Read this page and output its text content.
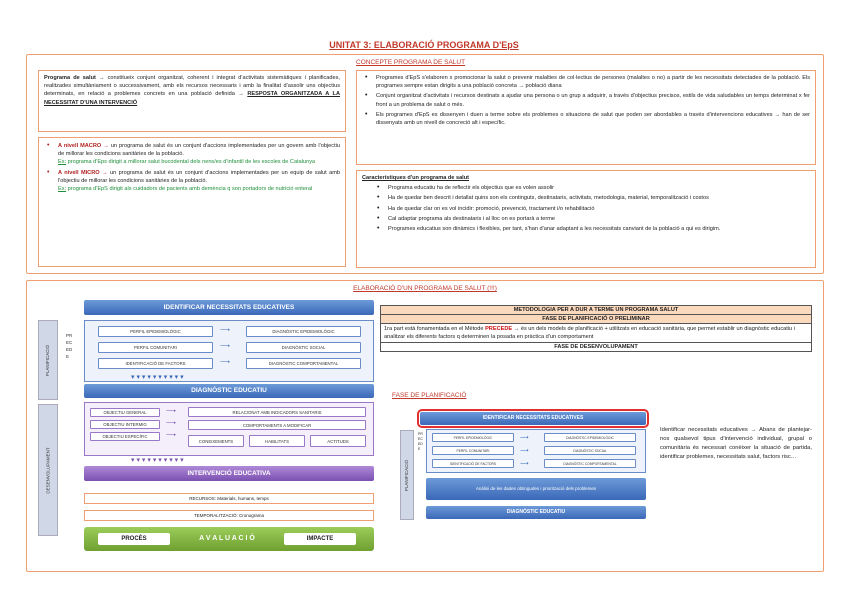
UNITAT 3: ELABORACIÓ PROGRAMA D'EpS
Programa de salut → constitueix conjunt organitzat, coherent i integrat d'activitats sistemàtiques i planificades, realitzades simultàniament o successivament, amb els recursos necessaris i amb la finalitat d'assolir uns objectius determinats, en relació a problemes concrets en una població definida → RESPOSTA ORGANITZADA A LA NECESSITAT D'UNA INTERVENCIÓ
• A nivell MACRO → un programa de salut és un conjunt d'accions implementades per un govern amb l'objectiu de millorar les condicions sanitàries de la població.
Ex: programa d'Eps dirigit a millorar salut bucodental dels nens/es d'infantil de les escoles de Catalunya
• A nivell MICRO → un programa de salut és un conjunt d'accions implementades per un equip de salut amb l'objectiu de millorar les condicions sanitàries de la població.
Ex: programa d'EpS dirigit als cuidadors de pacients amb demència q son portadors de nutrició enteral
CONCEPTE PROGRAMA DE SALUT
• Programes d'EpS s'elaboren x promocionar la salut o prevenir malalties de col·lectius de persones (malaltes o no) a partir de les necessitats detectades de la població. Els programes sempre estan dirigits a una població concreta → població diana
• Conjunt organitzat d'activitats i recursos destinats a ajudar una persona o un grup a adquirir, a través d'objectius precisos, estils de vida saludables un temps determinat x fer front a un problema de salut o més.
• Els programes d'EpS es dissenyen i duen a terme sobre els problemes o situacions de salut que poden ser abordables a través d'intervencions educatives → han de ser dissenyats amb un nivell de concreció alt i específic.
Característiques d'un programa de salut
• Programa educatiu ha de reflectir els objectius que es volen assolir
• Ha de quedar ben descrit i detallat quins son els continguts, destinataris, activitats, metodologia, material, temporalització i costos
• Ha de quedar clar on es vol incidir: promoció, prevenció, tractament i/o rehabilitació
• Cal adaptar programa als destinataris i al lloc on es portarà a terme
• Programes educatius son dinàmics i flexibles, per tant, s'han d'anar adaptant a les necessitats canviant de la població a qui es dirigim.
ELABORACIÓ D'UN PROGRAMA DE SALUT (!!!)
IDENTIFICAR NECESSITATS EDUCATIVES
PLANIFICACIÓ
DESENVOLUPAMENT
PRECEDE
PERFIL EPIDEMIOLÒGIC
PERFIL COMUNITARI
IDENTIFICACIÓ DE FACTORS
⟶
⟶
⟶
DIAGNÒSTIC EPIDEMIOLÒGIC
DIAGNÒSTIC SOCIAL
DIAGNÒSTIC COMPORTAMENTAL
▾ ▾ ▾ ▾ ▾ ▾ ▾ ▾ ▾ ▾
DIAGNÒSTIC EDUCATIU
OBJECTIU GENERAL
OBJECTIU INTERMIG
OBJECTIU ESPECÍFIC
⟶
⟶
⟶
RELACIONAT AMB INDICADORS SANITARIS
COMPORTAMENTS A MODIFICAR
CONEIXEMENTS	HABILITATS	ACTITUDS
▾ ▾ ▾ ▾ ▾ ▾ ▾ ▾ ▾ ▾
INTERVENCIÓ EDUCATIVA
RECURSOS: Materials, humans, temps
TEMPORALITZACIÓ: Cronograma
PROCÈS	A V A L U A C I Ó	IMPACTE
METODOLOGIA PER A DUR A TERME UN PROGRAMA SALUT
FASE DE PLANIFICACIÓ O PRELIMINAR
1ra part està fonamentada en el Mètode PRECEDE → és un dels models de planificació + utilitzats en educació sanitària, que permet establir un diagnòstic educatiu i analitzar els diferents factors q determinen la posada en pràctica d'un comportament
FASE DE DESENVOLUPAMENT
FASE DE PLANIFICACIÓ
IDENTIFICAR NECESSITATS EDUCATIVES
PLANIFICACIÓ
PRECEDE
PERFIL EPIDEMIOLÒGIC
PERFIL COMUNITARI
IDENTIFICACIÓ DE FACTORS
⟶
⟶
⟶
DIAGNÒSTIC EPIDEMIOLÒGIC
DIAGNÒSTIC SOCIAL
DIAGNÒSTIC COMPORTAMENTAL
Anàlisi de les dades obtingudes i priorització dels problemes
DIAGNÒSTIC EDUCATIU
Identificar necessitats educatives → Abans de plantejar-nos qualsevol tipus d'intervenció individual, grupal o comunitària és necessari conèixer la situació de partida, identificar problemes, necessitats salut, factors risc…
